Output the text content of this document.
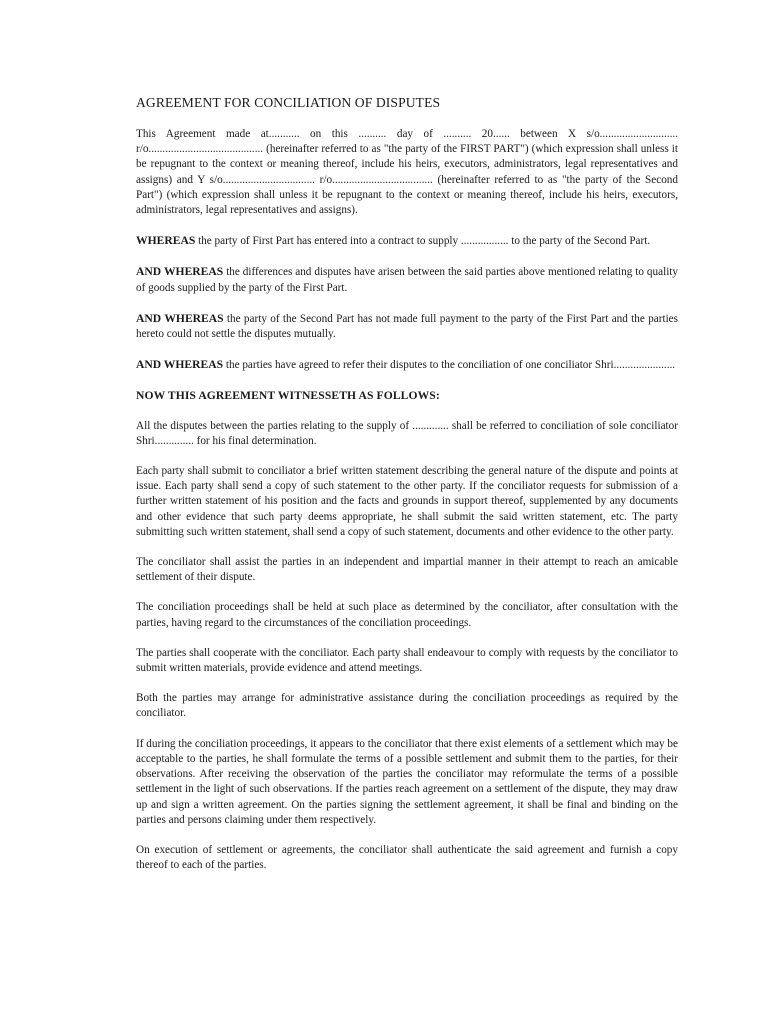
AGREEMENT FOR CONCILIATION OF DISPUTES

This Agreement made at........... on this .......... day of .......... 20...... between X s/o............................ r/o......................................... (hereinafter referred to as "the party of the FIRST PART") (which expression shall unless it be repugnant to the context or meaning thereof, include his heirs, executors, administrators, legal representatives and assigns) and Y s/o................................. r/o.................................... (hereinafter referred to as "the party of the Second Part") (which expression shall unless it be repugnant to the context or meaning thereof, include his heirs, executors, administrators, legal representatives and assigns).

WHEREAS the party of First Part has entered into a contract to supply ................. to the party of the Second Part.

AND WHEREAS the differences and disputes have arisen between the said parties above mentioned relating to quality of goods supplied by the party of the First Part.

AND WHEREAS the party of the Second Part has not made full payment to the party of the First Part and the parties hereto could not settle the disputes mutually.

AND WHEREAS the parties have agreed to refer their disputes to the conciliation of one conciliator Shri......................

NOW THIS AGREEMENT WITNESSETH AS FOLLOWS:

All the disputes between the parties relating to the supply of ............. shall be referred to conciliation of sole conciliator Shri.............. for his final determination.

Each party shall submit to conciliator a brief written statement describing the general nature of the dispute and points at issue. Each party shall send a copy of such statement to the other party. If the conciliator requests for submission of a further written statement of his position and the facts and grounds in support thereof, supplemented by any documents and other evidence that such party deems appropriate, he shall submit the said written statement, etc. The party submitting such written statement, shall send a copy of such statement, documents and other evidence to the other party.

The conciliator shall assist the parties in an independent and impartial manner in their attempt to reach an amicable settlement of their dispute.

The conciliation proceedings shall be held at such place as determined by the conciliator, after consultation with the parties, having regard to the circumstances of the conciliation proceedings.

The parties shall cooperate with the conciliator. Each party shall endeavour to comply with requests by the conciliator to submit written materials, provide evidence and attend meetings.

Both the parties may arrange for administrative assistance during the conciliation proceedings as required by the conciliator.

If during the conciliation proceedings, it appears to the conciliator that there exist elements of a settlement which may be acceptable to the parties, he shall formulate the terms of a possible settlement and submit them to the parties, for their observations. After receiving the observation of the parties the conciliator may reformulate the terms of a possible settlement in the light of such observations. If the parties reach agreement on a settlement of the dispute, they may draw up and sign a written agreement. On the parties signing the settlement agreement, it shall be final and binding on the parties and persons claiming under them respectively.

On execution of settlement or agreements, the conciliator shall authenticate the said agreement and furnish a copy thereof to each of the parties.
